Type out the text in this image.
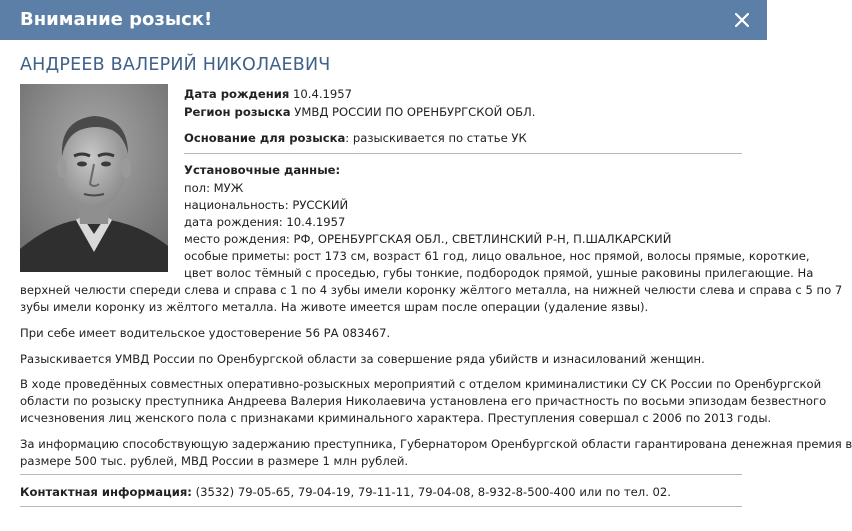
Внимание розыск!
АНДРЕЕВ ВАЛЕРИЙ НИКОЛАЕВИЧ
Дата рождения 10.4.1957
Регион розыска УМВД РОССИИ ПО ОРЕНБУРГСКОЙ ОБЛ.
Основание для розыска: разыскивается по статье УК
Установочные данные:
пол: МУЖ
национальность: РУССКИЙ
дата рождения: 10.4.1957
место рождения: РФ, ОРЕНБУРГСКАЯ ОБЛ., СВЕТЛИНСКИЙ Р-Н, П.ШАЛКАРСКИЙ
особые приметы: рост 173 см, возраст 61 год, лицо овальное, нос прямой, волосы прямые, короткие,
цвет волос тёмный с проседью, губы тонкие, подбородок прямой, ушные раковины прилегающие. На
верхней челюсти спереди слева и справа с 1 по 4 зубы имели коронку жёлтого металла, на нижней челюсти слева и справа с 5 по 7
зубы имели коронку из жёлтого металла. На животе имеется шрам после операции (удаление язвы).
При себе имеет водительское удостоверение 56 РА 083467.
Разыскивается УМВД России по Оренбургской области за совершение ряда убийств и изнасилований женщин.
В ходе проведённых совместных оперативно-розыскных мероприятий с отделом криминалистики СУ СК России по Оренбургской
области по розыску преступника Андреева Валерия Николаевича установлена его причастность по восьми эпизодам безвестного
исчезновения лиц женского пола с признаками криминального характера. Преступления совершал с 2006 по 2013 годы.
За информацию способствующую задержанию преступника, Губернатором Оренбургской области гарантирована денежная премия в
размере 500 тыс. рублей, МВД России в размере 1 млн рублей.
Контактная информация: (3532) 79-05-65, 79-04-19, 79-11-11, 79-04-08, 8-932-8-500-400 или по тел. 02.
